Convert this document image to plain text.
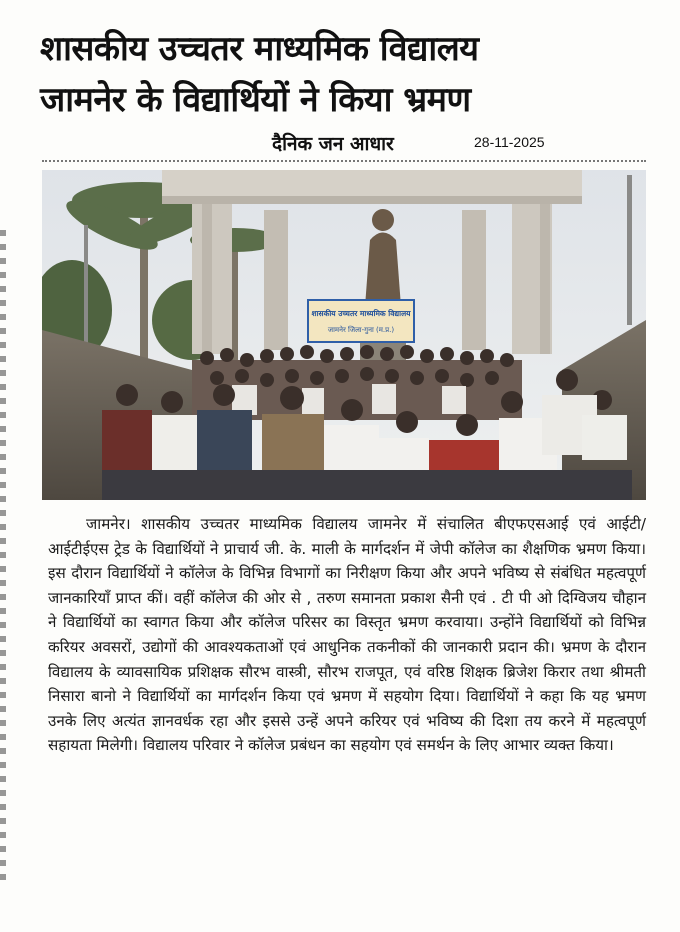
शासकीय उच्चतर माध्यमिक विद्यालय
जामनेर के विद्यार्थियों ने किया भ्रमण
दैनिक जन आधार	28-11-2025
शासकीय उच्चतर माध्यमिक विद्यालय
जामनेर जिला-गुना (म.प्र.)

जामनेर। शासकीय उच्चतर माध्यमिक विद्यालय जामनेर में संचालित बीएफएसआई एवं आईटी/आईटीईएस ट्रेड के विद्यार्थियों ने प्राचार्य जी. के. माली के मार्गदर्शन में जेपी कॉलेज का शैक्षणिक भ्रमण किया। इस दौरान विद्यार्थियों ने कॉलेज के विभिन्न विभागों का निरीक्षण किया और अपने भविष्य से संबंधित महत्वपूर्ण जानकारियाँ प्राप्त कीं। वहीं कॉलेज की ओर से , तरुण समानता प्रकाश सैनी एवं . टी पी ओ दिग्विजय चौहान ने विद्यार्थियों का स्वागत किया और कॉलेज परिसर का विस्तृत भ्रमण करवाया। उन्होंने विद्यार्थियों को विभिन्न करियर अवसरों, उद्योगों की आवश्यकताओं एवं आधुनिक तकनीकों की जानकारी प्रदान की। भ्रमण के दौरान विद्यालय के व्यावसायिक प्रशिक्षक सौरभ वास्त्री, सौरभ राजपूत, एवं वरिष्ठ शिक्षक ब्रिजेश किरार तथा श्रीमती निसारा बानो ने विद्यार्थियों का मार्गदर्शन किया एवं भ्रमण में सहयोग दिया। विद्यार्थियों ने कहा कि यह भ्रमण उनके लिए अत्यंत ज्ञानवर्धक रहा और इससे उन्हें अपने करियर एवं भविष्य की दिशा तय करने में महत्वपूर्ण सहायता मिलेगी। विद्यालय परिवार ने कॉलेज प्रबंधन का सहयोग एवं समर्थन के लिए आभार व्यक्त किया।
